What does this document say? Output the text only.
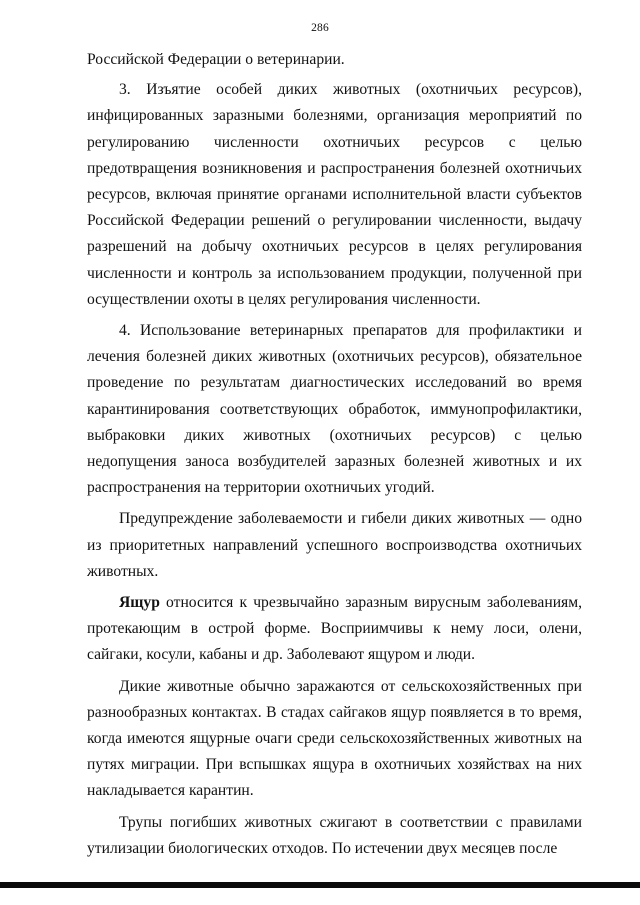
286

Российской Федерации о ветеринарии.

3. Изъятие особей диких животных (охотничьих ресурсов), инфицированных заразными болезнями, организация мероприятий по регулированию численности охотничьих ресурсов с целью предотвращения возникновения и распространения болезней охотничьих ресурсов, включая принятие органами исполнительной власти субъектов Российской Федерации решений о регулировании численности, выдачу разрешений на добычу охотничьих ресурсов в целях регулирования численности и контроль за использованием продукции, полученной при осуществлении охоты в целях регулирования численности.

4. Использование ветеринарных препаратов для профилактики и лечения болезней диких животных (охотничьих ресурсов), обязательное проведение по результатам диагностических исследований во время карантинирования соответствующих обработок, иммунопрофилактики, выбраковки диких животных (охотничьих ресурсов) с целью недопущения заноса возбудителей заразных болезней животных и их распространения на территории охотничьих угодий.

Предупреждение заболеваемости и гибели диких животных — одно из приоритетных направлений успешного воспроизводства охотничьих животных.

Ящур относится к чрезвычайно заразным вирусным заболеваниям, протекающим в острой форме. Восприимчивы к нему лоси, олени, сайгаки, косули, кабаны и др. Заболевают ящуром и люди.

Дикие животные обычно заражаются от сельскохозяйственных при разнообразных контактах. В стадах сайгаков ящур появляется в то время, когда имеются ящурные очаги среди сельскохозяйственных животных на путях миграции. При вспышках ящура в охотничьих хозяйствах на них накладывается карантин.

Трупы погибших животных сжигают в соответствии с правилами утилизации биологических отходов. По истечении двух месяцев после
